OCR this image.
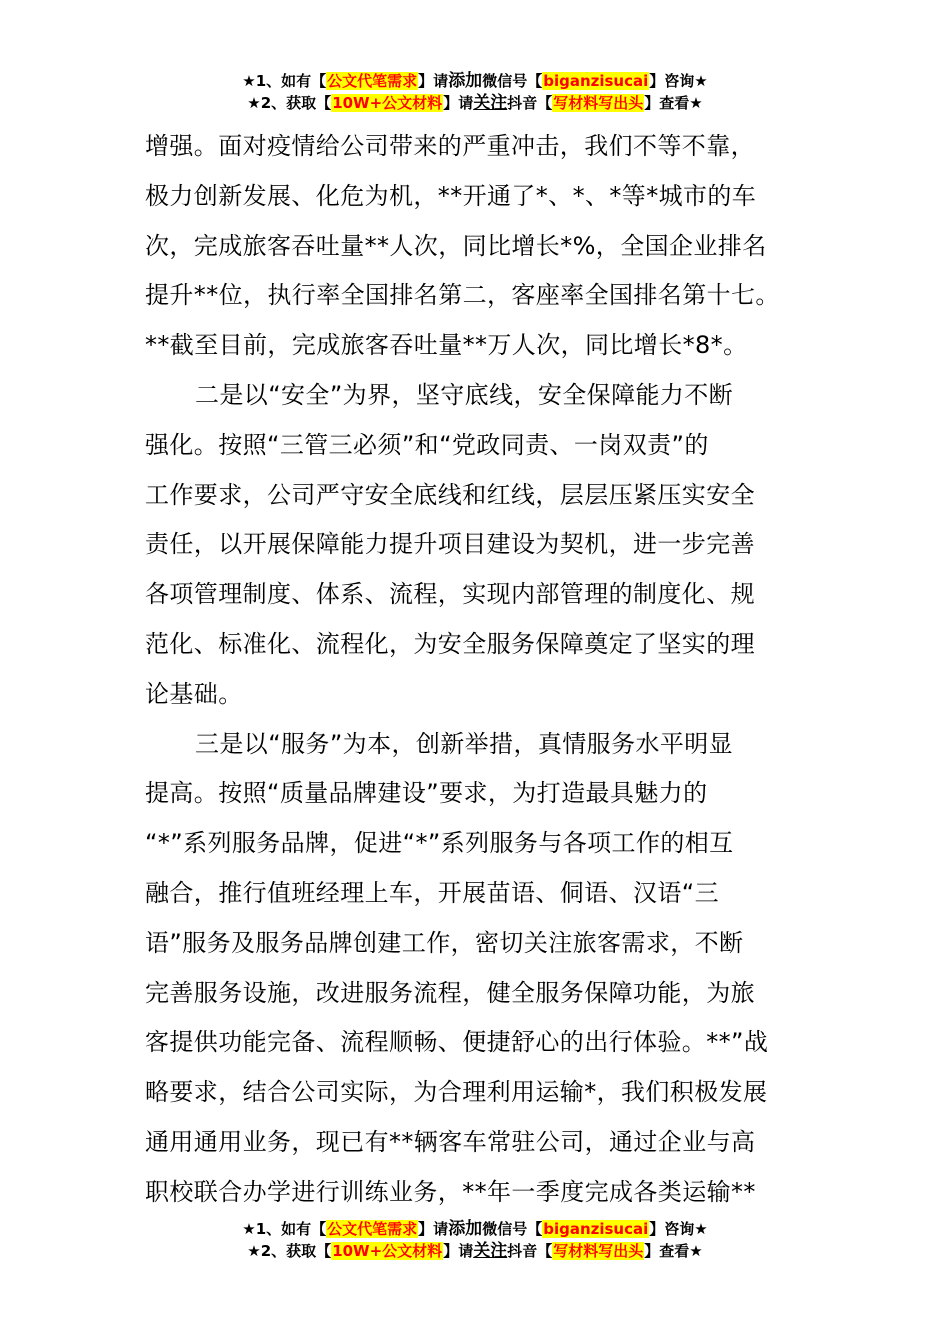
★1、如有【公文代笔需求】请添加微信号【biganzisucai】咨询★
★2、获取【10W+公文材料】请关注抖音【写材料写出头】查看★
增强。面对疫情给公司带来的严重冲击，我们不等不靠，
极力创新发展、化危为机，**开通了*、*、*等*城市的车
次，完成旅客吞吐量**人次，同比增长*%，全国企业排名
提升**位，执行率全国排名第二，客座率全国排名第十七。
**截至目前，完成旅客吞吐量**万人次，同比增长*8*。
二是以“安全”为界，坚守底线，安全保障能力不断
强化。按照“三管三必须”和“党政同责、一岗双责”的
工作要求，公司严守安全底线和红线，层层压紧压实安全
责任，以开展保障能力提升项目建设为契机，进一步完善
各项管理制度、体系、流程，实现内部管理的制度化、规
范化、标准化、流程化，为安全服务保障奠定了坚实的理
论基础。
三是以“服务”为本，创新举措，真情服务水平明显
提高。按照“质量品牌建设”要求，为打造最具魅力的
“*”系列服务品牌，促进“*”系列服务与各项工作的相互
融合，推行值班经理上车，开展苗语、侗语、汉语“三
语”服务及服务品牌创建工作，密切关注旅客需求，不断
完善服务设施，改进服务流程，健全服务保障功能，为旅
客提供功能完备、流程顺畅、便捷舒心的出行体验。**”战
略要求，结合公司实际，为合理利用运输*，我们积极发展
通用通用业务，现已有**辆客车常驻公司，通过企业与高
职校联合办学进行训练业务，**年一季度完成各类运输**
★1、如有【公文代笔需求】请添加微信号【biganzisucai】咨询★
★2、获取【10W+公文材料】请关注抖音【写材料写出头】查看★
